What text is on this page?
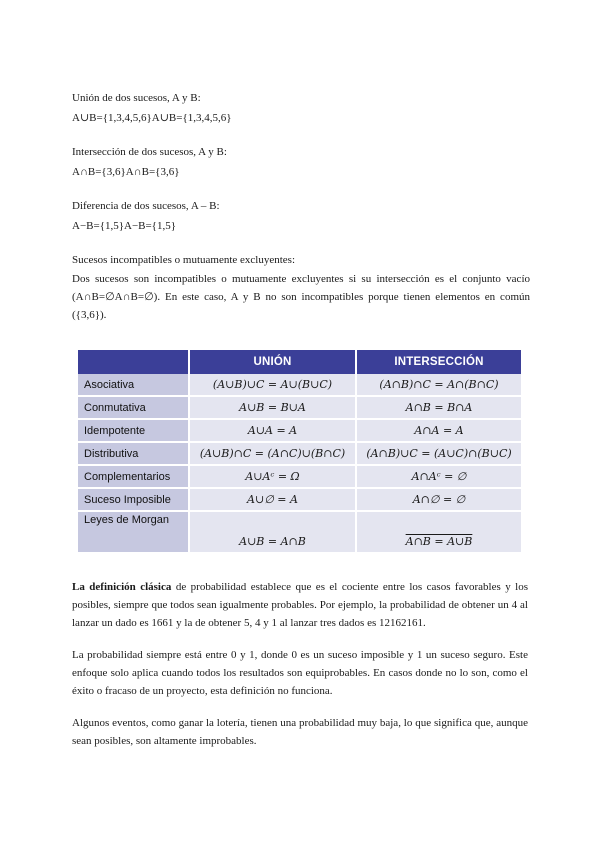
Unión de dos sucesos, A y B:
A∪B={1,3,4,5,6}A∪B={1,3,4,5,6}
Intersección de dos sucesos, A y B:
A∩B={3,6}A∩B={3,6}
Diferencia de dos sucesos, A – B:
A−B={1,5}A−B={1,5}
Sucesos incompatibles o mutuamente excluyentes:
Dos sucesos son incompatibles o mutuamente excluyentes si su intersección es el conjunto vacío (A∩B=∅A∩B=∅). En este caso, A y B no son incompatibles porque tienen elementos en común ({3,6}).
	UNIÓN	INTERSECCIÓN
Asociativa	(A∪B)∪C = A∪(B∪C)	(A∩B)∩C = A∩(B∩C)
Conmutativa	A∪B = B∪A	A∩B = B∩A
Idempotente	A∪A = A	A∩A = A
Distributiva	(A∪B)∩C = (A∩C)∪(B∩C)	(A∩B)∪C = (A∪C)∩(B∪C)
Complementarios	A∪Aᶜ = Ω	A∩Aᶜ = ∅
Suceso Imposible	A∪∅ = A	A∩∅ = ∅
Leyes de Morgan	A∪B = A∩B	A∩B = A∪B
La definición clásica de probabilidad establece que es el cociente entre los casos favorables y los posibles, siempre que todos sean igualmente probables. Por ejemplo, la probabilidad de obtener un 4 al lanzar un dado es 1661 y la de obtener 5, 4 y 1 al lanzar tres dados es 12162161.
La probabilidad siempre está entre 0 y 1, donde 0 es un suceso imposible y 1 un suceso seguro. Este enfoque solo aplica cuando todos los resultados son equiprobables. En casos donde no lo son, como el éxito o fracaso de un proyecto, esta definición no funciona.
Algunos eventos, como ganar la lotería, tienen una probabilidad muy baja, lo que significa que, aunque sean posibles, son altamente improbables.
